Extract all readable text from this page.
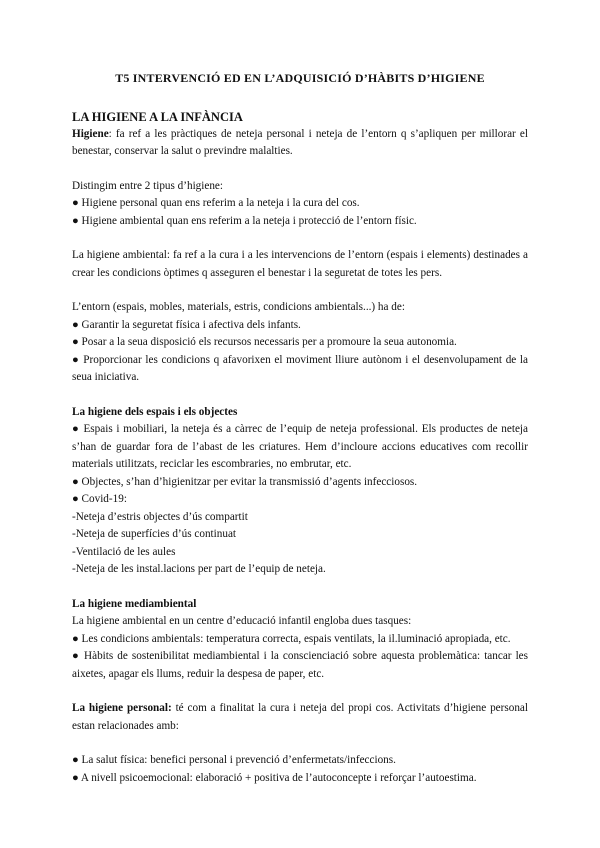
T5 INTERVENCIÓ ED EN L’ADQUISICIÓ D’HÀBITS D’HIGIENE
LA HIGIENE A LA INFÀNCIA

Higiene: fa ref a les pràctiques de neteja personal i neteja de l’entorn q s’apliquen per millorar el benestar, conservar la salut o previndre malalties.

Distingim entre 2 tipus d’higiene:

● Higiene personal quan ens referim a la neteja i la cura del cos.

● Higiene ambiental quan ens referim a la neteja i protecció de l’entorn físic.

La higiene ambiental: fa ref a la cura i a les intervencions de l’entorn (espais i elements) destinades a crear les condicions òptimes q asseguren el benestar i la seguretat de totes les pers.

L’entorn (espais, mobles, materials, estris, condicions ambientals...) ha de:

● Garantir la seguretat física i afectiva dels infants.

● Posar a la seua disposició els recursos necessaris per a promoure la seua autonomia.

● Proporcionar les condicions q afavorixen el moviment lliure autònom i el desenvolupament de la seua iniciativa.

La higiene dels espais i els objectes

● Espais i mobiliari, la neteja és a càrrec de l’equip de neteja professional. Els productes de neteja s’han de guardar fora de l’abast de les criatures. Hem d’incloure accions educatives com recollir materials utilitzats, reciclar les escombraries, no embrutar, etc.

● Objectes, s’han d’higienitzar per evitar la transmissió d’agents infecciosos.

● Covid-19:

-Neteja d’estris objectes d’ús compartit

-Neteja de superfícies d’ús continuat

-Ventilació de les aules

-Neteja de les instal.lacions per part de l’equip de neteja.

La higiene mediambiental

La higiene ambiental en un centre d’educació infantil engloba dues tasques:

● Les condicions ambientals: temperatura correcta, espais ventilats, la il.luminació apropiada, etc.

● Hàbits de sostenibilitat mediambiental i la conscienciació sobre aquesta problemàtica: tancar les aixetes, apagar els llums, reduir la despesa de paper, etc.

La higiene personal: té com a finalitat la cura i neteja del propi cos. Activitats d’higiene personal estan relacionades amb:

● La salut física: benefici personal i prevenció d’enfermetats/infeccions.

● A nivell psicoemocional: elaboració + positiva de l’autoconcepte i reforçar l’autoestima.
